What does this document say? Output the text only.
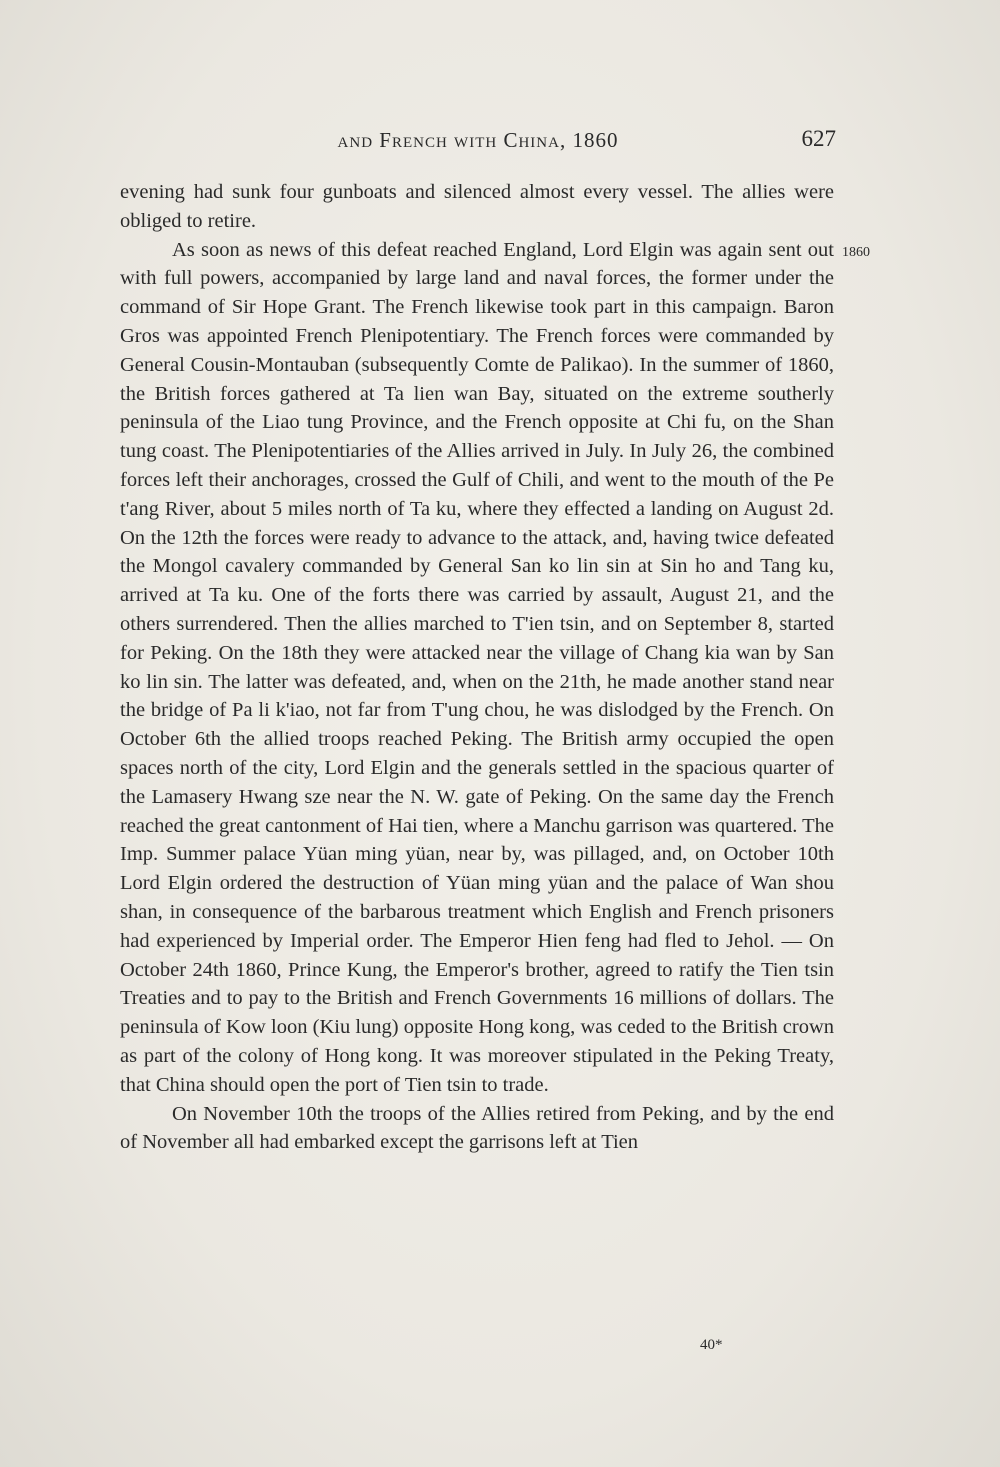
and French with China, 1860	627
1860

evening had sunk four gunboats and silenced almost every vessel. The allies were obliged to retire.

As soon as news of this defeat reached England, Lord Elgin was again sent out with full powers, accompanied by large land and naval forces, the former under the command of Sir Hope Grant. The French likewise took part in this campaign. Baron Gros was appointed French Plenipotentiary. The French forces were commanded by General Cousin-Montauban (subsequently Comte de Palikao). In the summer of 1860, the British forces gathered at Ta lien wan Bay, situated on the extreme southerly peninsula of the Liao tung Province, and the French opposite at Chi fu, on the Shan tung coast. The Plenipotentiaries of the Allies arrived in July. In July 26, the combined forces left their anchorages, crossed the Gulf of Chili, and went to the mouth of the Pe t'ang River, about 5 miles north of Ta ku, where they effected a landing on August 2d. On the 12th the forces were ready to advance to the attack, and, having twice defeated the Mongol cavalery commanded by General San ko lin sin at Sin ho and Tang ku, arrived at Ta ku. One of the forts there was carried by assault, August 21, and the others surrendered. Then the allies marched to T'ien tsin, and on September 8, started for Peking. On the 18th they were attacked near the village of Chang kia wan by San ko lin sin. The latter was defeated, and, when on the 21th, he made another stand near the bridge of Pa li k'iao, not far from T'ung chou, he was dislodged by the French. On October 6th the allied troops reached Peking. The British army occupied the open spaces north of the city, Lord Elgin and the generals settled in the spacious quarter of the Lamasery Hwang sze near the N. W. gate of Peking. On the same day the French reached the great cantonment of Hai tien, where a Manchu garrison was quartered. The Imp. Summer palace Yüan ming yüan, near by, was pillaged, and, on October 10th Lord Elgin ordered the destruction of Yüan ming yüan and the palace of Wan shou shan, in consequence of the barbarous treatment which English and French prisoners had experienced by Imperial order. The Emperor Hien feng had fled to Jehol. — On October 24th 1860, Prince Kung, the Emperor's brother, agreed to ratify the Tien tsin Treaties and to pay to the British and French Governments 16 millions of dollars. The peninsula of Kow loon (Kiu lung) opposite Hong kong, was ceded to the British crown as part of the colony of Hong kong. It was moreover stipulated in the Peking Treaty, that China should open the port of Tien tsin to trade.

On November 10th the troops of the Allies retired from Peking, and by the end of November all had embarked except the garrisons left at Tien

40*
